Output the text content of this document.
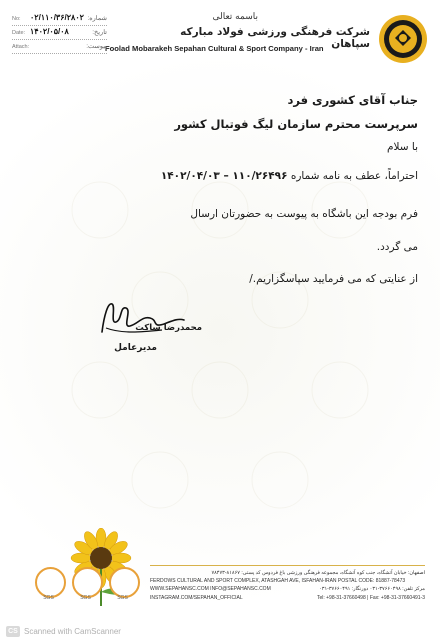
باسمه تعالی
شرکت فرهنگی ورزشی فولاد مبارکه سپاهان
Foolad Mobarakeh Sepahan Cultural & Sport Company - Iran
No: ۰۲/۱۱۰/۳۶/۲۸۰۲ شماره:
Date: ۱۴۰۲/۰۵/۰۸	تاریخ:
Attach:	پیوست:
جناب آقای کشوری فرد
سرپرست محترم سازمان لیگ فوتبال کشور
با سلام
احتراماً، عطف به نامه شماره ۱۱۰/۲۶۴۹۶ – ۱۴۰۲/۰۴/۰۳
فرم بودجه این باشگاه به پیوست به حضورتان ارسال
می گردد.
از عنایتی که می فرمایید سپاسگزاریم./
محمدرضا ساکت
مدیرعامل
SGS	SGS	SGS
اصفهان: خیابان آتشگاه، جنب کوه آتشگاه، مجموعه فرهنگی ورزشی باغ فردوس کد پستی: ۸۱۸۶۷-۷۸۴۷۳
FERDOWS CULTURAL AND SPORT COMPLEX, ATASHGAH AVE, ISFAHAN-IRAN POSTAL CODE: 81887-78473
مرکز تلفن: ۳۷۶۶۰۴۹۸-۰۳۱ دورنگار: ۳۷۶۶۰۴۹۱-۰۳۱
WWW.SEPAHANSC.COM INFO@SEPAHANSC.COM
INSTAGRAM.COM/SEPAHAN_OFFICIAL	Tel: +98-31-37660498 | Fax: +98-31-37660491-3
CS Scanned with CamScanner
